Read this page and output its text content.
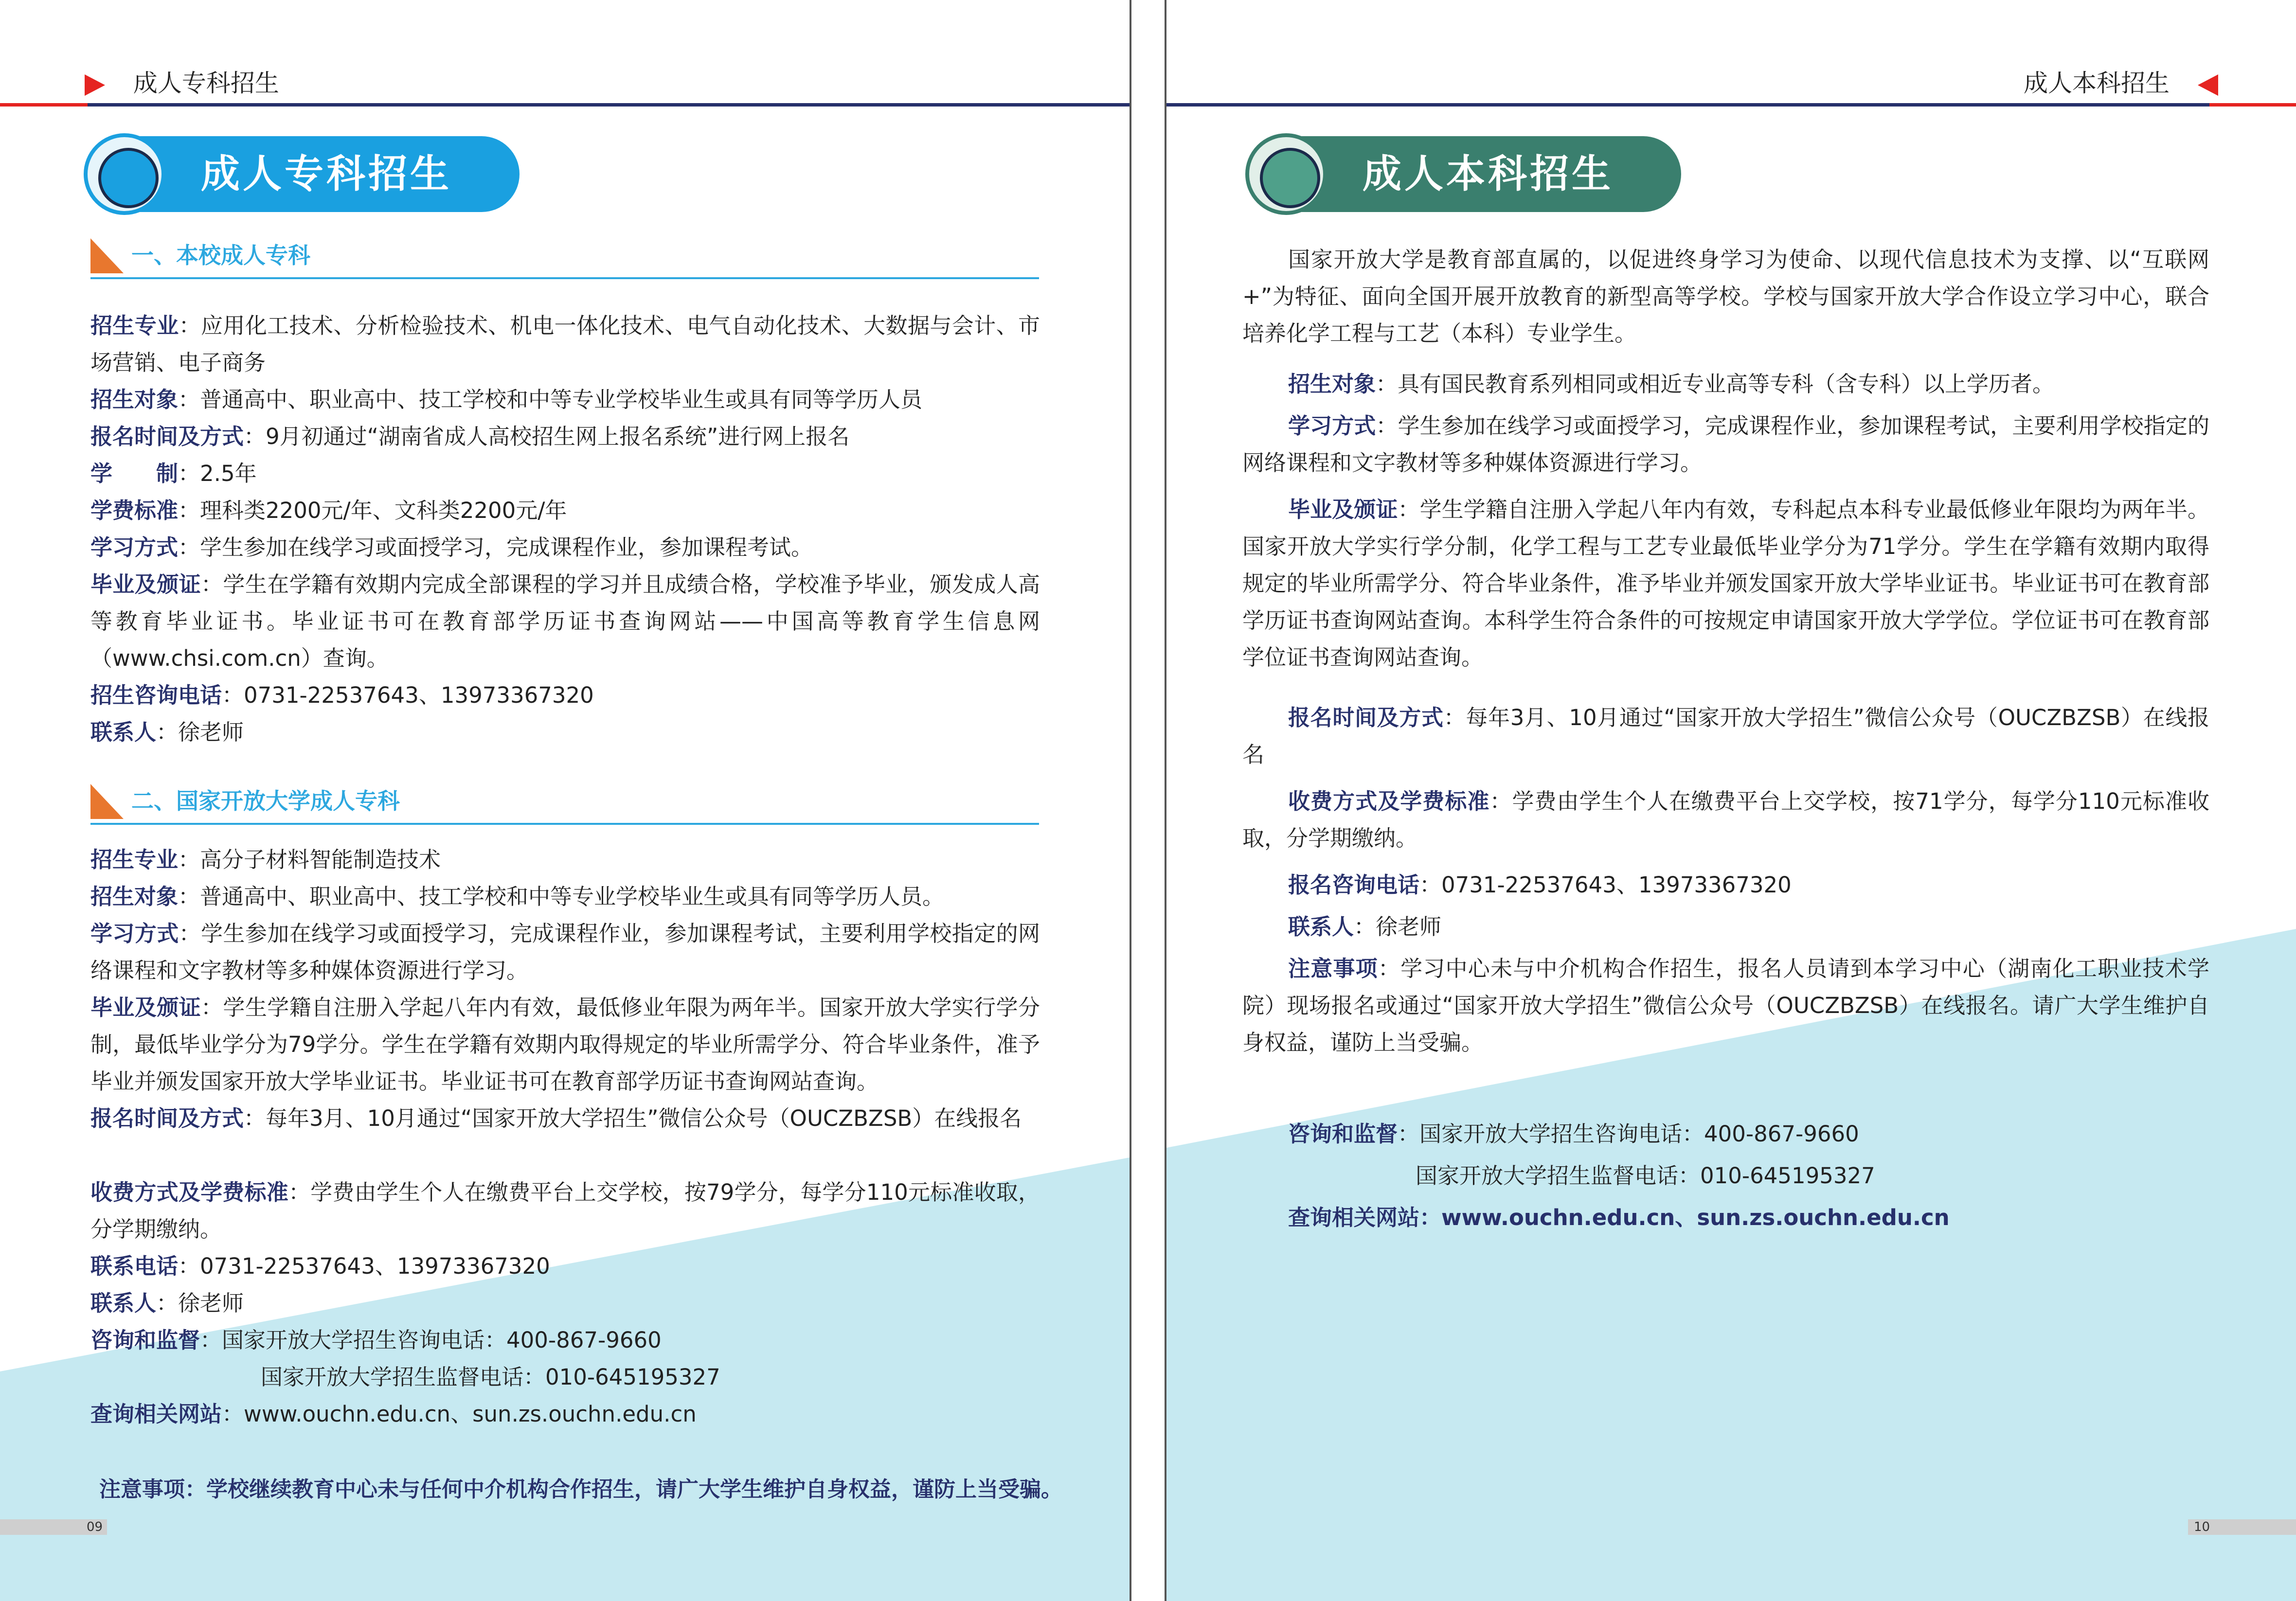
成人专科招生
成人专科招生
一、本校成人专科

招生专业：应用化工技术、分析检验技术、机电一体化技术、电气自动化技术、大数据与会计、市场营销、电子商务

招生对象：普通高中、职业高中、技工学校和中等专业学校毕业生或具有同等学历人员

报名时间及方式：9月初通过“湖南省成人高校招生网上报名系统”进行网上报名

学　　制：2.5年

学费标准：理科类2200元/年、文科类2200元/年

学习方式：学生参加在线学习或面授学习，完成课程作业，参加课程考试。

毕业及颁证：学生在学籍有效期内完成全部课程的学习并且成绩合格，学校准予毕业，颁发成人高等教育毕业证书。毕业证书可在教育部学历证书查询网站——中国高等教育学生信息网（www.chsi.com.cn）查询。

招生咨询电话：0731-22537643、13973367320

联系人：徐老师

二、国家开放大学成人专科

招生专业：高分子材料智能制造技术

招生对象：普通高中、职业高中、技工学校和中等专业学校毕业生或具有同等学历人员。

学习方式：学生参加在线学习或面授学习，完成课程作业，参加课程考试，主要利用学校指定的网络课程和文字教材等多种媒体资源进行学习。

毕业及颁证：学生学籍自注册入学起八年内有效，最低修业年限为两年半。国家开放大学实行学分制，最低毕业学分为79学分。学生在学籍有效期内取得规定的毕业所需学分、符合毕业条件，准予毕业并颁发国家开放大学毕业证书。毕业证书可在教育部学历证书查询网站查询。

报名时间及方式：每年3月、10月通过“国家开放大学招生”微信公众号（OUCZBZSB）在线报名

收费方式及学费标准：学费由学生个人在缴费平台上交学校，按79学分，每学分110元标准收取，分学期缴纳。

联系电话：0731-22537643、13973367320

联系人：徐老师

咨询和监督：国家开放大学招生咨询电话：400-867-9660

国家开放大学招生监督电话：010-645195327

查询相关网站：www.ouchn.edu.cn、sun.zs.ouchn.edu.cn

注意事项：学校继续教育中心未与任何中介机构合作招生，请广大学生维护自身权益，谨防上当受骗。
09
成人本科招生
成人本科招生

国家开放大学是教育部直属的，以促进终身学习为使命、以现代信息技术为支撑、以“互联网+”为特征、面向全国开展开放教育的新型高等学校。学校与国家开放大学合作设立学习中心，联合培养化学工程与工艺（本科）专业学生。

招生对象：具有国民教育系列相同或相近专业高等专科（含专科）以上学历者。

学习方式：学生参加在线学习或面授学习，完成课程作业，参加课程考试，主要利用学校指定的网络课程和文字教材等多种媒体资源进行学习。

毕业及颁证：学生学籍自注册入学起八年内有效，专科起点本科专业最低修业年限均为两年半。国家开放大学实行学分制，化学工程与工艺专业最低毕业学分为71学分。学生在学籍有效期内取得规定的毕业所需学分、符合毕业条件，准予毕业并颁发国家开放大学毕业证书。毕业证书可在教育部学历证书查询网站查询。本科学生符合条件的可按规定申请国家开放大学学位。学位证书可在教育部学位证书查询网站查询。

报名时间及方式：每年3月、10月通过“国家开放大学招生”微信公众号（OUCZBZSB）在线报名

收费方式及学费标准：学费由学生个人在缴费平台上交学校，按71学分，每学分110元标准收取，分学期缴纳。

报名咨询电话：0731-22537643、13973367320

联系人：徐老师

注意事项：学习中心未与中介机构合作招生，报名人员请到本学习中心（湖南化工职业技术学院）现场报名或通过“国家开放大学招生”微信公众号（OUCZBZSB）在线报名。请广大学生维护自身权益，谨防上当受骗。

咨询和监督：国家开放大学招生咨询电话：400-867-9660

国家开放大学招生监督电话：010-645195327

查询相关网站：www.ouchn.edu.cn、sun.zs.ouchn.edu.cn

10
